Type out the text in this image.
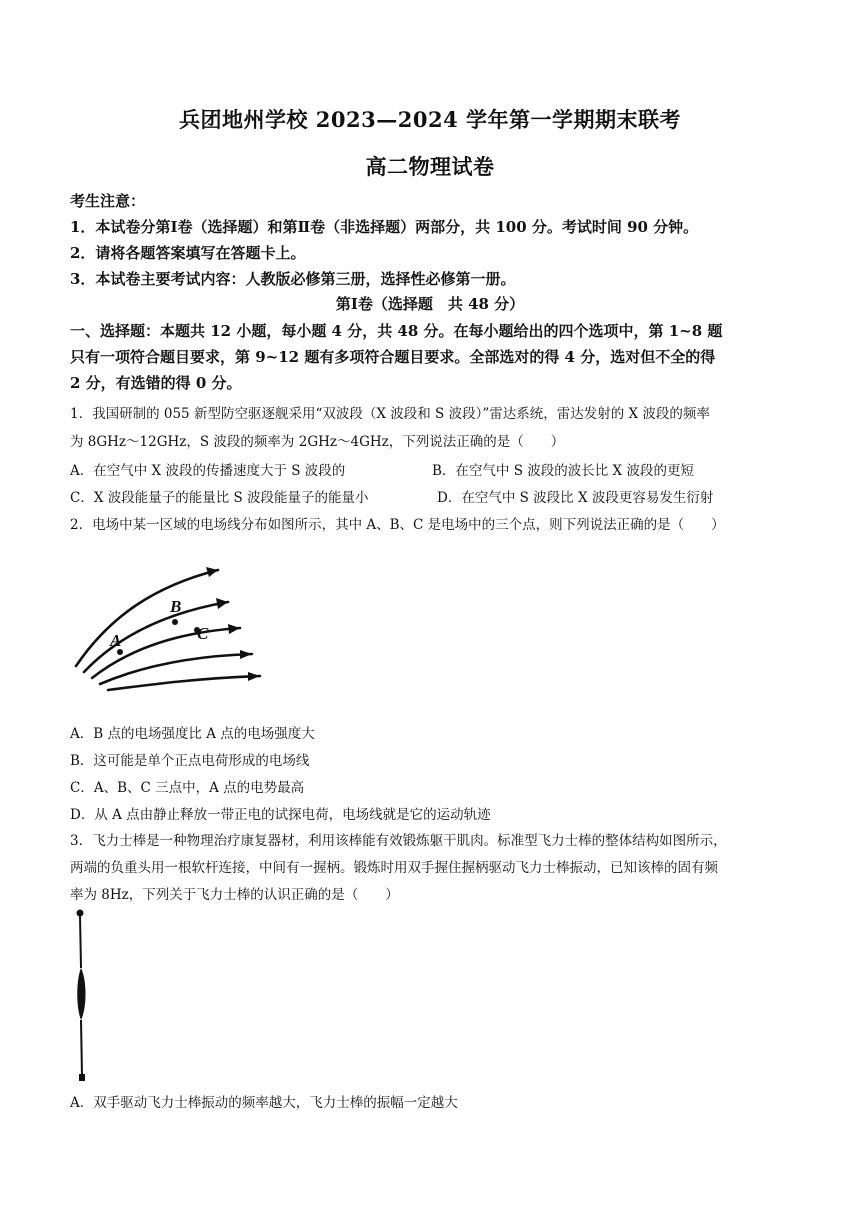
兵团地州学校 2023—2024 学年第一学期期末联考
高二物理试卷
考生注意：
1．本试卷分第Ⅰ卷（选择题）和第Ⅱ卷（非选择题）两部分，共 100 分。考试时间 90 分钟。
2．请将各题答案填写在答题卡上。
3．本试卷主要考试内容：人教版必修第三册，选择性必修第一册。
第Ⅰ卷（选择题　共 48 分）
一、选择题：本题共 12 小题，每小题 4 分，共 48 分。在每小题给出的四个选项中，第 1~8 题
只有一项符合题目要求，第 9~12 题有多项符合题目要求。全部选对的得 4 分，选对但不全的得
2 分，有选错的得 0 分。
1．我国研制的 055 新型防空驱逐舰采用“双波段（X 波段和 S 波段）”雷达系统，雷达发射的 X 波段的频率
为 8GHz～12GHz，S 波段的频率为 2GHz～4GHz，下列说法正确的是（　　）
A．在空气中 X 波段的传播速度大于 S 波段的	B．在空气中 S 波段的波长比 X 波段的更短
C．X 波段能量子的能量比 S 波段能量子的能量小	D．在空气中 S 波段比 X 波段更容易发生衍射
2．电场中某一区域的电场线分布如图所示，其中 A、B、C 是电场中的三个点，则下列说法正确的是（　　）
A
B
C
A．B 点的电场强度比 A 点的电场强度大
B．这可能是单个正点电荷形成的电场线
C．A、B、C 三点中，A 点的电势最高
D．从 A 点由静止释放一带正电的试探电荷，电场线就是它的运动轨迹
3．飞力士棒是一种物理治疗康复器材，利用该棒能有效锻炼躯干肌肉。标准型飞力士棒的整体结构如图所示，
两端的负重头用一根软杆连接，中间有一握柄。锻炼时用双手握住握柄驱动飞力士棒振动，已知该棒的固有频
率为 8Hz，下列关于飞力士棒的认识正确的是（　　）
A．双手驱动飞力士棒振动的频率越大，飞力士棒的振幅一定越大
